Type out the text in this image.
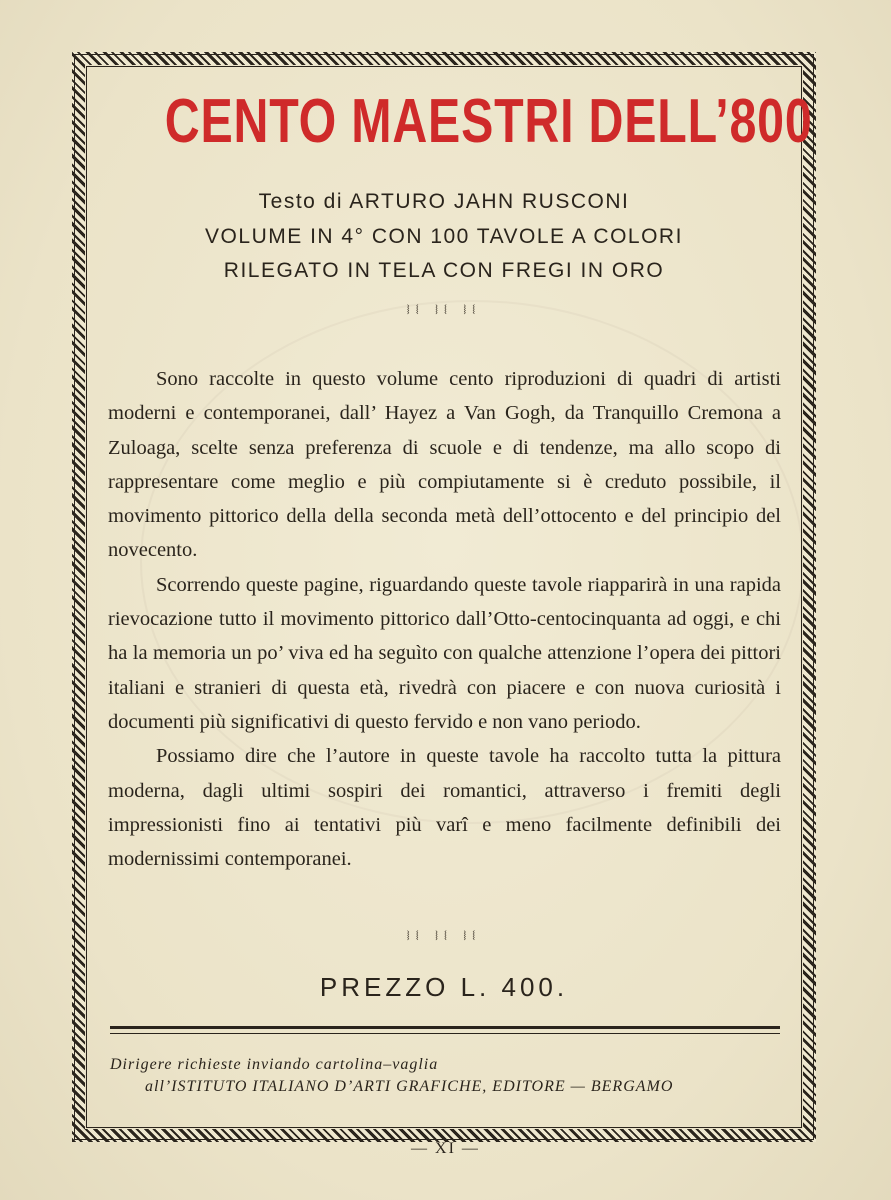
CENTO MAESTRI DELL’800
Testo di ARTURO JAHN RUSCONI
VOLUME IN 4° CON 100 TAVOLE A COLORI
RILEGATO IN TELA CON FREGI IN ORO
⧘⧙ ⧘⧙ ⧘⧙

Sono raccolte in questo volume cento riproduzioni di quadri di artisti moderni e contemporanei, dall’ Hayez a Van Gogh, da Tranquillo Cremona a Zuloaga, scelte senza preferenza di scuole e di tendenze, ma allo scopo di rappresentare come meglio e più compiutamente si è creduto possibile, il movimento pittorico della della seconda metà dell’ottocento e del principio del novecento.

Scorrendo queste pagine, riguardando queste tavole riapparirà in una rapida rievocazione tutto il movimento pittorico dall’Otto-centocinquanta ad oggi, e chi ha la memoria un po’ viva ed ha seguìto con qualche attenzione l’opera dei pittori italiani e stranieri di questa età, rivedrà con piacere e con nuova curiosità i documenti più significativi di questo fervido e non vano periodo.

Possiamo dire che l’autore in queste tavole ha raccolto tutta la pittura moderna, dagli ultimi sospiri dei romantici, attraverso i fremiti degli impressionisti fino ai tentativi più varî e meno facilmente definibili dei modernissimi contemporanei.

⧘⧙ ⧘⧙ ⧘⧙
PREZZO L. 400.
Dirigere richieste inviando cartolina–vaglia
all’ISTITUTO ITALIANO D’ARTI GRAFICHE, EDITORE — BERGAMO
— XI —
